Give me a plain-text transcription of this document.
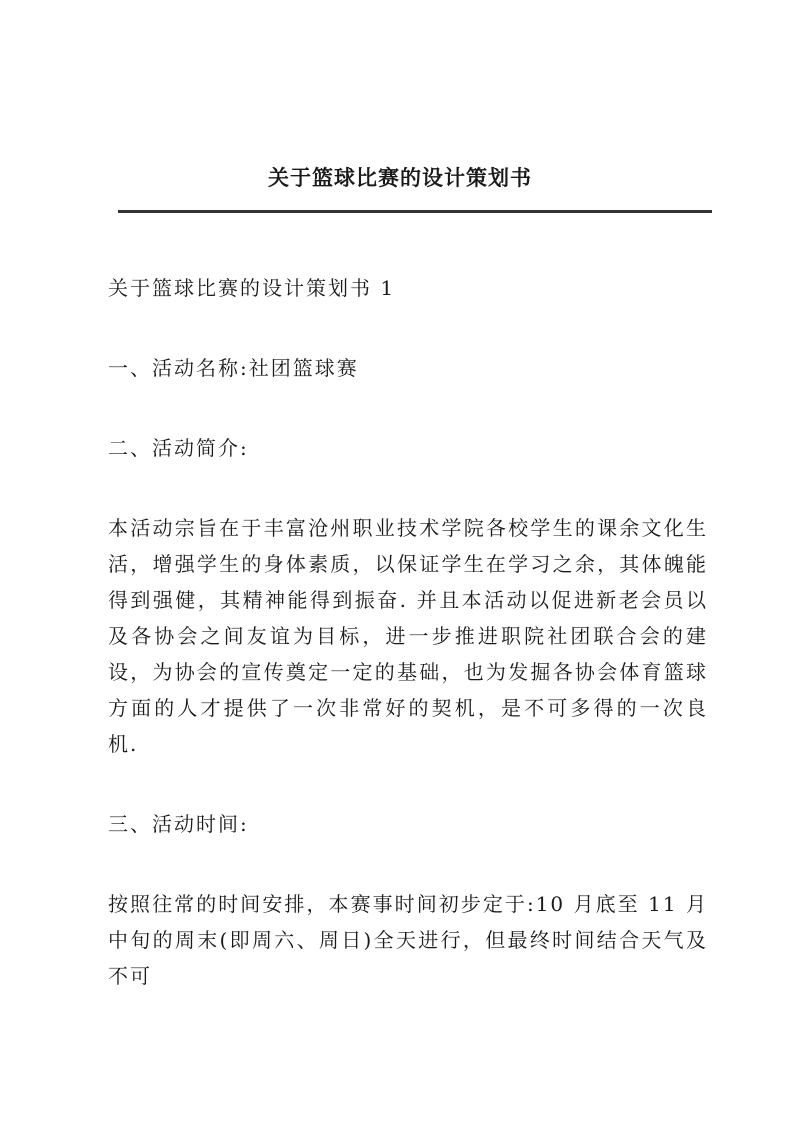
关于篮球比赛的设计策划书

关于篮球比赛的设计策划书 1

一、活动名称:社团篮球赛

二、活动简介:

本活动宗旨在于丰富沧州职业技术学院各校学生的课余文化生活，增强学生的身体素质，以保证学生在学习之余，其体魄能得到强健，其精神能得到振奋. 并且本活动以促进新老会员以及各协会之间友谊为目标，进一步推进职院社团联合会的建设，为协会的宣传奠定一定的基础，也为发掘各协会体育篮球方面的人才提供了一次非常好的契机，是不可多得的一次良机.

三、活动时间:

按照往常的时间安排，本赛事时间初步定于:10 月底至 11 月中旬的周末(即周六、周日)全天进行，但最终时间结合天气及不可
